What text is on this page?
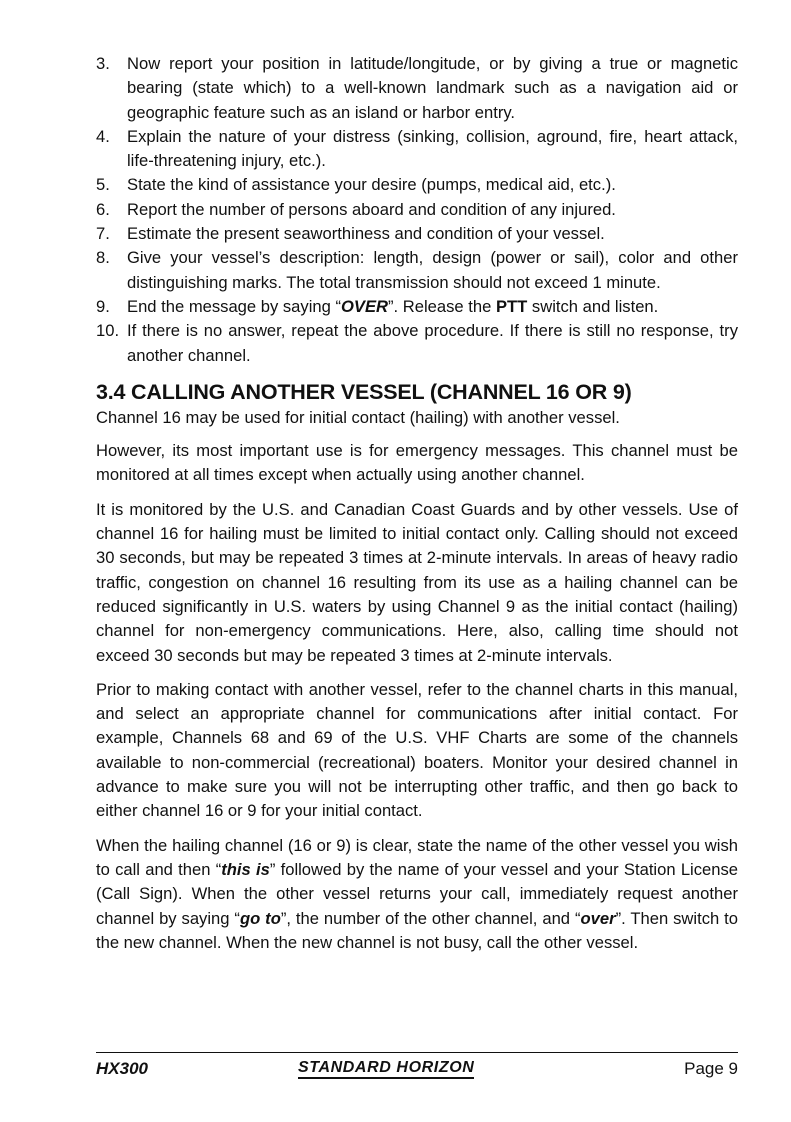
3. Now report your position in latitude/longitude, or by giving a true or magnetic bearing (state which) to a well-known landmark such as a navigation aid or geographic feature such as an island or harbor entry.
4. Explain the nature of your distress (sinking, collision, aground, fire, heart attack, life-threatening injury, etc.).
5. State the kind of assistance your desire (pumps, medical aid, etc.).
6. Report the number of persons aboard and condition of any injured.
7. Estimate the present seaworthiness and condition of your vessel.
8. Give your vessel’s description: length, design (power or sail), color and other distinguishing marks. The total transmission should not exceed 1 minute.
9. End the message by saying “OVER”. Release the PTT switch and listen.
10. If there is no answer, repeat the above procedure. If there is still no response, try another channel.
3.4 CALLING ANOTHER VESSEL (CHANNEL 16 OR 9)

Channel 16 may be used for initial contact (hailing) with another vessel.

However, its most important use is for emergency messages. This channel must be monitored at all times except when actually using another channel.

It is monitored by the U.S. and Canadian Coast Guards and by other vessels. Use of channel 16 for hailing must be limited to initial contact only. Calling should not exceed 30 seconds, but may be repeated 3 times at 2-minute intervals. In areas of heavy radio traffic, congestion on channel 16 resulting from its use as a hailing channel can be reduced significantly in U.S. waters by using Channel 9 as the initial contact (hailing) channel for non-emergency communications. Here, also, calling time should not exceed 30 seconds but may be repeated 3 times at 2-minute intervals.

Prior to making contact with another vessel, refer to the channel charts in this manual, and select an appropriate channel for communications after initial contact. For example, Channels 68 and 69 of the U.S. VHF Charts are some of the channels available to non-commercial (recreational) boaters. Monitor your desired channel in advance to make sure you will not be interrupting other traffic, and then go back to either channel 16 or 9 for your initial contact.

When the hailing channel (16 or 9) is clear, state the name of the other vessel you wish to call and then “this is” followed by the name of your vessel and your Station License (Call Sign). When the other vessel returns your call, immediately request another channel by saying “go to”, the number of the other channel, and “over”. Then switch to the new channel. When the new channel is not busy, call the other vessel.

HX300	STANDARD HORIZON	Page 9
